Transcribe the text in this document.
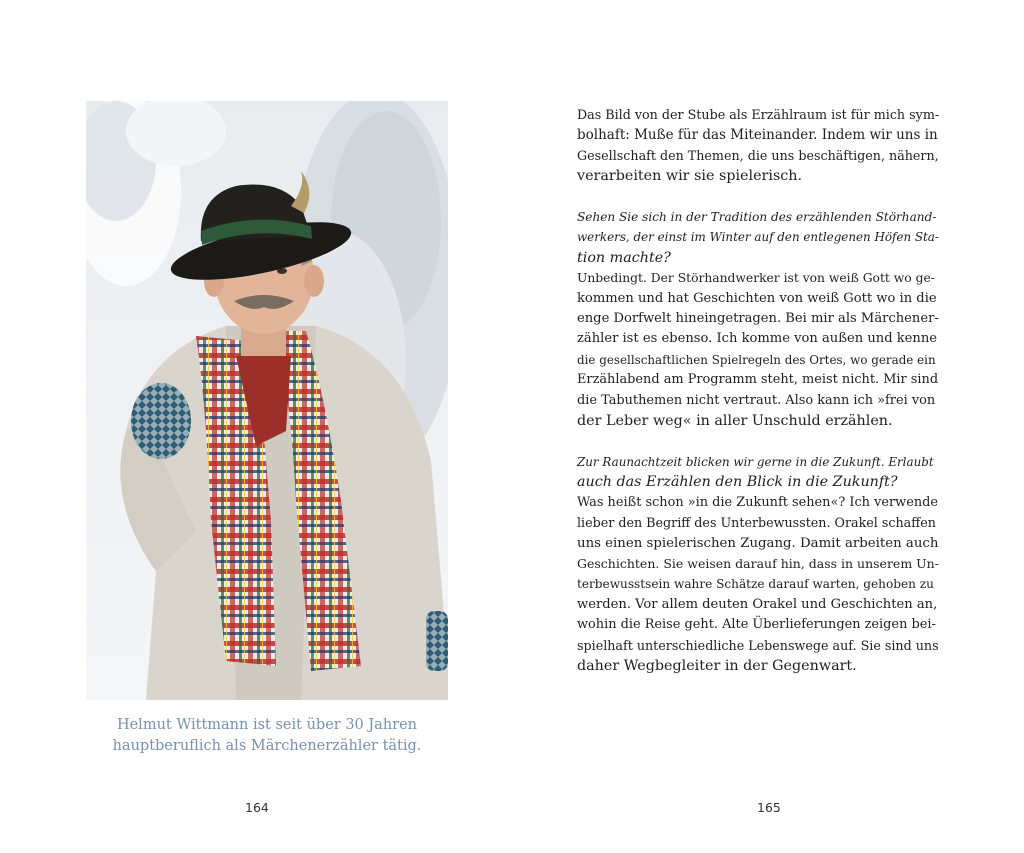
Helmut Wittmann ist seit über 30 Jahren
hauptberuflich als Märchenerzähler tätig.
164

Das Bild von der Stube als Erzählraum ist für mich sym-
bolhaft: Muße für das Miteinander. Indem wir uns in
Gesellschaft den Themen, die uns beschäftigen, nähern,
verarbeiten wir sie spielerisch.

Sehen Sie sich in der Tradition des erzählenden Störhand-
werkers, der einst im Winter auf den entlegenen Höfen Sta-
tion machte?

Unbedingt. Der Störhandwerker ist von weiß Gott wo ge-
kommen und hat Geschichten von weiß Gott wo in die
enge Dorfwelt hineingetragen. Bei mir als Märchener-
zähler ist es ebenso. Ich komme von außen und kenne
die gesellschaftlichen Spielregeln des Ortes, wo gerade ein
Erzählabend am Programm steht, meist nicht. Mir sind
die Tabuthemen nicht vertraut. Also kann ich »frei von
der Leber weg« in aller Unschuld erzählen.

Zur Raunachtzeit blicken wir gerne in die Zukunft. Erlaubt
auch das Erzählen den Blick in die Zukunft?

Was heißt schon »in die Zukunft sehen«? Ich verwende
lieber den Begriff des Unterbewussten. Orakel schaffen
uns einen spielerischen Zugang. Damit arbeiten auch
Geschichten. Sie weisen darauf hin, dass in unserem Un-
terbewusstsein wahre Schätze darauf warten, gehoben zu
werden. Vor allem deuten Orakel und Geschichten an,
wohin die Reise geht. Alte Überlieferungen zeigen bei-
spielhaft unterschiedliche Lebenswege auf. Sie sind uns
daher Wegbegleiter in der Gegenwart.

165
